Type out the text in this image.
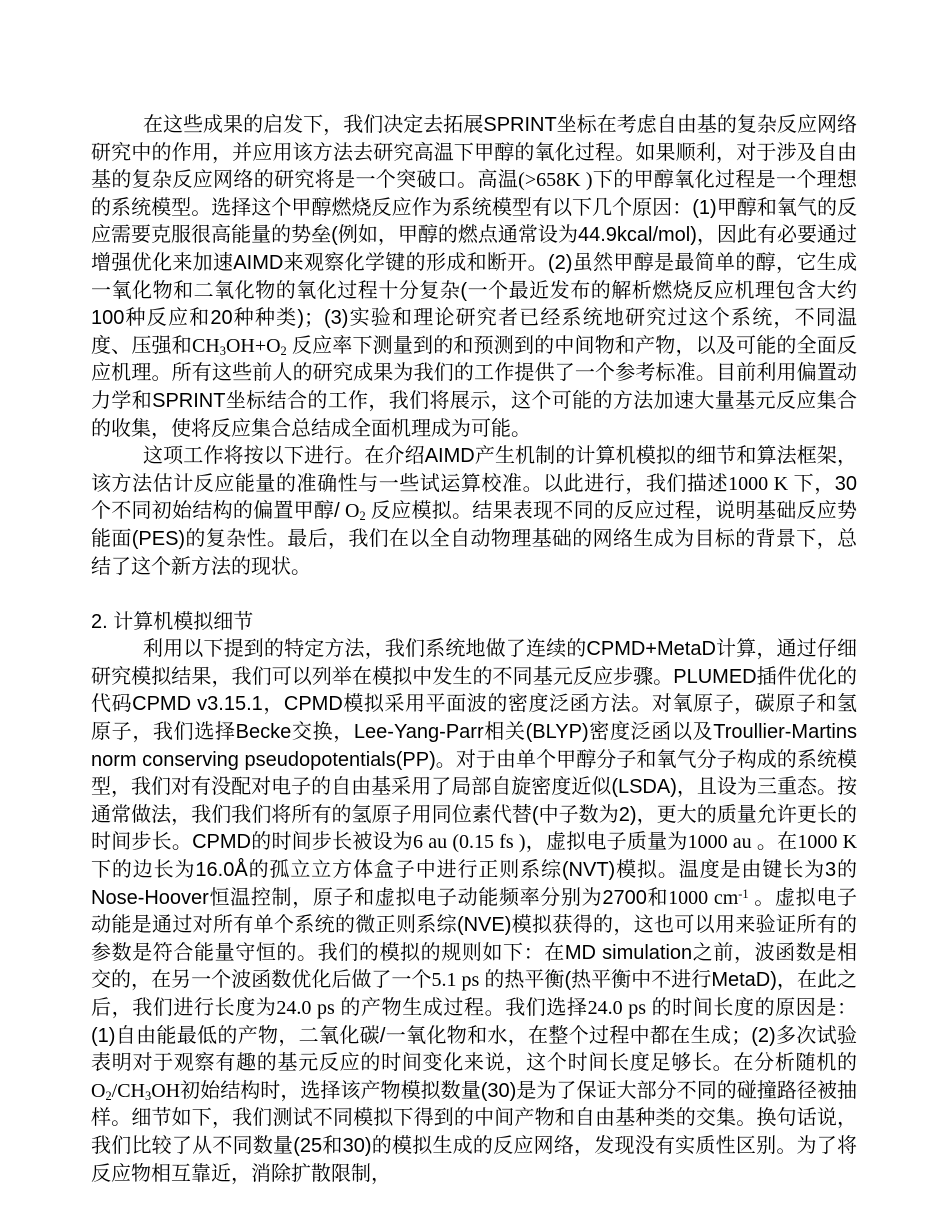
在这些成果的启发下，我们决定去拓展SPRINT坐标在考虑自由基的复杂反应网络研究中的作用，并应用该方法去研究高温下甲醇的氧化过程。如果顺利，对于涉及自由基的复杂反应网络的研究将是一个突破口。高温(>658K )下的甲醇氧化过程是一个理想的系统模型。选择这个甲醇燃烧反应作为系统模型有以下几个原因：(1)甲醇和氧气的反应需要克服很高能量的势垒(例如，甲醇的燃点通常设为44.9kcal/mol)，因此有必要通过增强优化来加速AIMD来观察化学键的形成和断开。(2)虽然甲醇是最简单的醇，它生成一氧化物和二氧化物的氧化过程十分复杂(一个最近发布的解析燃烧反应机理包含大约100种反应和20种种类)；(3)实验和理论研究者已经系统地研究过这个系统，不同温度、压强和$CH_3OH+O_2$ 反应率下测量到的和预测到的中间物和产物，以及可能的全面反应机理。所有这些前人的研究成果为我们的工作提供了一个参考标准。目前利用偏置动力学和SPRINT坐标结合的工作，我们将展示，这个可能的方法加速大量基元反应集合的收集，使将反应集合总结成全面机理成为可能。

这项工作将按以下进行。在介绍AIMD产生机制的计算机模拟的细节和算法框架，该方法估计反应能量的准确性与一些试运算校准。以此进行，我们描述1000 K 下，30个不同初始结构的偏置甲醇/ $O_2$ 反应模拟。结果表现不同的反应过程，说明基础反应势能面(PES)的复杂性。最后，我们在以全自动物理基础的网络生成为目标的背景下，总结了这个新方法的现状。

2. 计算机模拟细节

利用以下提到的特定方法，我们系统地做了连续的CPMD+MetaD计算，通过仔细研究模拟结果，我们可以列举在模拟中发生的不同基元反应步骤。PLUMED插件优化的代码CPMD v3.15.1，CPMD模拟采用平面波的密度泛函方法。对氧原子，碳原子和氢原子，我们选择Becke交换，Lee-Yang-Parr相关(BLYP)密度泛函以及Troullier-Martins norm conserving pseudopotentials(PP)。对于由单个甲醇分子和氧气分子构成的系统模型，我们对有没配对电子的自由基采用了局部自旋密度近似(LSDA)，且设为三重态。按通常做法，我们我们将所有的氢原子用同位素代替(中子数为2)，更大的质量允许更长的时间步长。CPMD的时间步长被设为6 au (0.15 fs )，虚拟电子质量为1000 au 。在1000 K 下的边长为16.0Å的孤立立方体盒子中进行正则系综(NVT)模拟。温度是由键长为3的Nose-Hoover恒温控制，原子和虚拟电子动能频率分别为2700和1000 $cm^{-1}$ 。虚拟电子动能是通过对所有单个系统的微正则系综(NVE)模拟获得的，这也可以用来验证所有的参数是符合能量守恒的。我们的模拟的规则如下：在MD simulation之前，波函数是相交的，在另一个波函数优化后做了一个5.1 ps 的热平衡(热平衡中不进行MetaD)，在此之后，我们进行长度为24.0 ps 的产物生成过程。我们选择24.0 ps 的时间长度的原因是：(1)自由能最低的产物，二氧化碳/一氧化物和水，在整个过程中都在生成；(2)多次试验表明对于观察有趣的基元反应的时间变化来说，这个时间长度足够长。在分析随机的$O_2/CH_3OH$初始结构时，选择该产物模拟数量(30)是为了保证大部分不同的碰撞路径被抽样。细节如下，我们测试不同模拟下得到的中间产物和自由基种类的交集。换句话说，我们比较了从不同数量(25和30)的模拟生成的反应网络，发现没有实质性区别。为了将反应物相互靠近，消除扩散限制，
